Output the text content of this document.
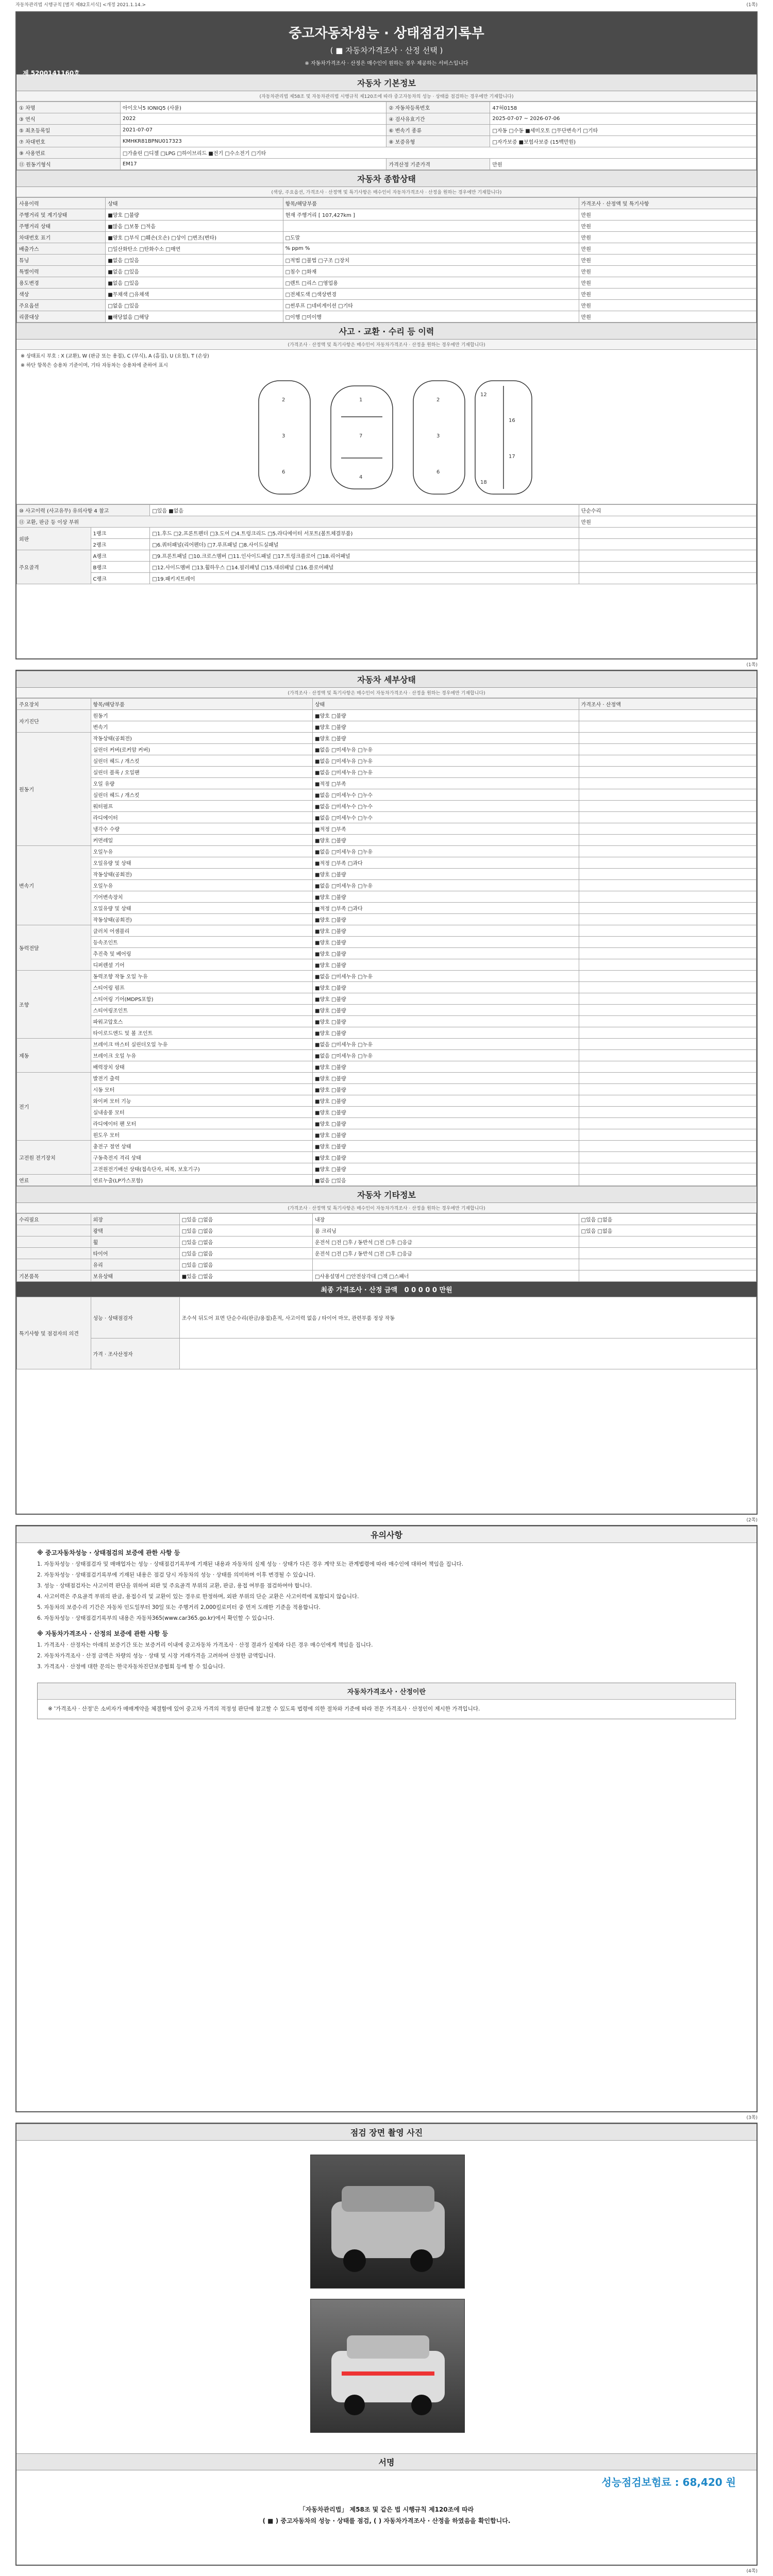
자동차관리법 시행규칙 [별지 제82호서식] <개정 2021.1.14.>	(1쪽)
중고자동차성능 · 상태점검기록부
( ■ 자동차가격조사 · 산정 선택 )
※ 자동차가격조사 · 산정은 매수인이 원하는 경우 제공하는 서비스입니다
제 5200141160호
자동차 기본정보
(자동차관리법 제58조 및 자동차관리법 시행규칙 제120조에 따라 중고자동차의 성능 · 상태를 점검하는 경우에만 기재합니다)
① 차명	아이오닉5 IONIQ5 (사륜)	② 자동차등록번호	47허0158
③ 연식	2022	④ 검사유효기간	2025-07-07 ~ 2026-07-06
⑤ 최초등록일	2021-07-07	⑥ 변속기 종류	□자동 □수동 ■세미오토 □무단변속기 □기타
⑦ 차대번호	KMHKR81BPNU017323	⑧ 보증유형	□자가보증 ■보험사보증 (15백만원)
⑨ 사용연료	□가솔린 □디젤 □LPG □하이브리드 ■전기 □수소전기 □기타		
⑪ 원동기형식	EM17	가격산정 기준가격	만원
자동차 종합상태
(색상, 주요옵션, 가격조사 · 산정액 및 특기사항은 매수인이 자동차가격조사 · 산정을 원하는 경우에만 기재합니다)
사용이력	상태	항목/해당부품	가격조사 · 산정액 및 특기사항
주행거리 및 계기상태	■양호 □불량	현재 주행거리 [ 107,427km ]	만원
주행거리 상태	■많음 □보통 □적음		만원
차대번호 표기	■양호 □부식 □훼손(오손) □상이 □변조(변타)	□도말	만원
배출가스	□일산화탄소 □탄화수소 □매연	% ppm %	만원
튜닝	■없음 □있음	□적법 □불법 □구조 □장치	만원
특별이력	■없음 □있음	□침수 □화재	만원
용도변경	■없음 □있음	□렌트 □리스 □영업용	만원
색상	■무채색 □유채색	□전체도색 □색상변경	만원
주요옵션	□없음 □있음	□썬루프 □네비게이션 □기타	만원
리콜대상	■해당없음 □해당	□이행 □미이행	만원
사고 · 교환 · 수리 등 이력
(가격조사 · 산정액 및 특기사항은 매수인이 자동차가격조사 · 산정을 원하는 경우에만 기재합니다)
※ 상태표시 부호 : X (교환), W (판금 또는 용접), C (부식), A (흠집), U (요철), T (손상)
※ 하단 항목은 승용차 기준이며, 기타 자동차는 승용차에 준하여 표시
2
3
6
1
7
4
2
3
6
12
16
17
18
⑩ 사고이력 (사고유무) 유의사항 4 참고		□있음 ■없음	단순수리
⑪ 교환, 판금 등 이상 부위			만원
외판	1랭크	□1.후드 □2.프론트펜더 □3.도어 □4.트렁크리드 □5.라디에이터 서포트(볼트체결부품)	
	2랭크	□6.쿼터패널(리어펜더) □7.루프패널 □8.사이드실패널	
주요골격	A랭크	□9.프론트패널 □10.크로스멤버 □11.인사이드패널 □17.트렁크플로어 □18.리어패널	
	B랭크	□12.사이드멤버 □13.휠하우스 □14.필러패널 □15.대쉬패널 □16.플로어패널	
	C랭크	□19.패키지트레이	
(1쪽)
자동차 세부상태
(가격조사 · 산정액 및 특기사항은 매수인이 자동차가격조사 · 산정을 원하는 경우에만 기재합니다)
주요장치	항목/해당부품	상태	가격조사 · 산정액
자기진단	원동기	■양호 □불량	
	변속기	■양호 □불량	
원동기	작동상태(공회전)	■양호 □불량	
	실린더 커버(로커암 커버)	■없음 □미세누유 □누유	
	실린더 헤드 / 개스킷	■없음 □미세누유 □누유	
	실린더 블록 / 오일팬	■없음 □미세누유 □누유	
	오일 유량	■적정 □부족	
	실린더 헤드 / 개스킷	■없음 □미세누수 □누수	
	워터펌프	■없음 □미세누수 □누수	
	라디에이터	■없음 □미세누수 □누수	
	냉각수 수량	■적정 □부족	
	커먼레일	■양호 □불량	
변속기	오일누유	■없음 □미세누유 □누유	
	오일유량 및 상태	■적정 □부족 □과다	
	작동상태(공회전)	■양호 □불량	
	오일누유	■없음 □미세누유 □누유	
	기어변속장치	■양호 □불량	
	오일유량 및 상태	■적정 □부족 □과다	
	작동상태(공회전)	■양호 □불량	
동력전달	클러치 어셈블리	■양호 □불량	
	등속조인트	■양호 □불량	
	추진축 및 베어링	■양호 □불량	
	디퍼렌셜 기어	■양호 □불량	
조향	동력조향 작동 오일 누유	■없음 □미세누유 □누유	
	스티어링 펌프	■양호 □불량	
	스티어링 기어(MDPS포함)	■양호 □불량	
	스티어링조인트	■양호 □불량	
	파워고압호스	■양호 □불량	
	타이로드엔드 및 볼 조인트	■양호 □불량	
제동	브레이크 마스터 실린더오일 누유	■없음 □미세누유 □누유	
	브레이크 오일 누유	■없음 □미세누유 □누유	
	배력장치 상태	■양호 □불량	
전기	발전기 출력	■양호 □불량	
	시동 모터	■양호 □불량	
	와이퍼 모터 기능	■양호 □불량	
	실내송풍 모터	■양호 □불량	
	라디에이터 팬 모터	■양호 □불량	
	윈도우 모터	■양호 □불량	
고전원 전기장치	충전구 절연 상태	■양호 □불량	
	구동축전지 격리 상태	■양호 □불량	
	고전원전기배선 상태(접속단자, 피복, 보호기구)	■양호 □불량	
연료	연료누출(LP가스포함)	■없음 □있음	
자동차 기타정보
(가격조사 · 산정액 및 특기사항은 매수인이 자동차가격조사 · 산정을 원하는 경우에만 기재합니다)
수리필요	외장	□있음 □없음	내장	□있음 □없음
	광택	□있음 □없음	룸 크리닝	□있음 □없음
	휠	□있음 □없음	운전석 □전 □후 / 동반석 □전 □후 □응급	
	타이어	□있음 □없음	운전석 □전 □후 / 동반석 □전 □후 □응급	
	유리	□있음 □없음		
기본품목	보유상태	■있음 □없음	□사용설명서 □안전삼각대 □잭 □스패너	
최종 가격조사 · 산정 금액 0 0 0 0 0 만원
특기사항 및 점검자의 의견	성능 · 상태점검자	조수석 뒤도어 표면 단순수리(판금/용접)흔적, 사고이력 없음 / 타이어 마모, 관련부품 정상 작동
	가격 · 조사산정자	
(2쪽)
유의사항
※ 중고자동차성능 · 상태점검의 보증에 관한 사항 등
1. 자동차성능 · 상태점검자 및 매매업자는 성능 · 상태점검기록부에 기재된 내용과 자동차의 실제 성능 · 상태가 다른 경우 계약 또는 관계법령에 따라 매수인에 대하여 책임을 집니다.
2. 자동차성능 · 상태점검기록부에 기재된 내용은 점검 당시 자동차의 성능 · 상태를 의미하며 이후 변경될 수 있습니다.
3. 성능 · 상태점검자는 사고이력 판단을 위하여 외판 및 주요골격 부위의 교환, 판금, 용접 여부를 점검하여야 합니다.
4. 사고이력은 주요골격 부위의 판금, 용접수리 및 교환이 있는 경우로 한정하며, 외판 부위의 단순 교환은 사고이력에 포함되지 않습니다.
5. 자동차의 보증수리 기간은 자동차 인도일부터 30일 또는 주행거리 2,000킬로미터 중 먼저 도래한 기준을 적용합니다.
6. 자동차성능 · 상태점검기록부의 내용은 자동차365(www.car365.go.kr)에서 확인할 수 있습니다.
※ 자동차가격조사 · 산정의 보증에 관한 사항 등
1. 가격조사 · 산정자는 아래의 보증기간 또는 보증거리 이내에 중고자동차 가격조사 · 산정 결과가 실제와 다른 경우 매수인에게 책임을 집니다.
2. 자동차가격조사 · 산정 금액은 차량의 성능 · 상태 및 시장 거래가격을 고려하여 산정한 금액입니다.
3. 가격조사 · 산정에 대한 문의는 한국자동차진단보증협회 등에 할 수 있습니다.
자동차가격조사 · 산정이란
※ '가격조사 · 산정'은 소비자가 매매계약을 체결함에 있어 중고차 가격의 적정성 판단에 참고할 수 있도록 법령에 의한 절차와 기준에 따라 전문 가격조사 · 산정인이 제시한 가격입니다.
(3쪽)
점검 장면 촬영 사진
서명
성능점검보험료 : 68,420 원
「자동차관리법」 제58조 및 같은 법 시행규칙 제120조에 따라
( ■ ) 중고자동차의 성능 · 상태를 점검, ( ) 자동차가격조사 · 산정을 하였음을 확인합니다.
(4쪽)
